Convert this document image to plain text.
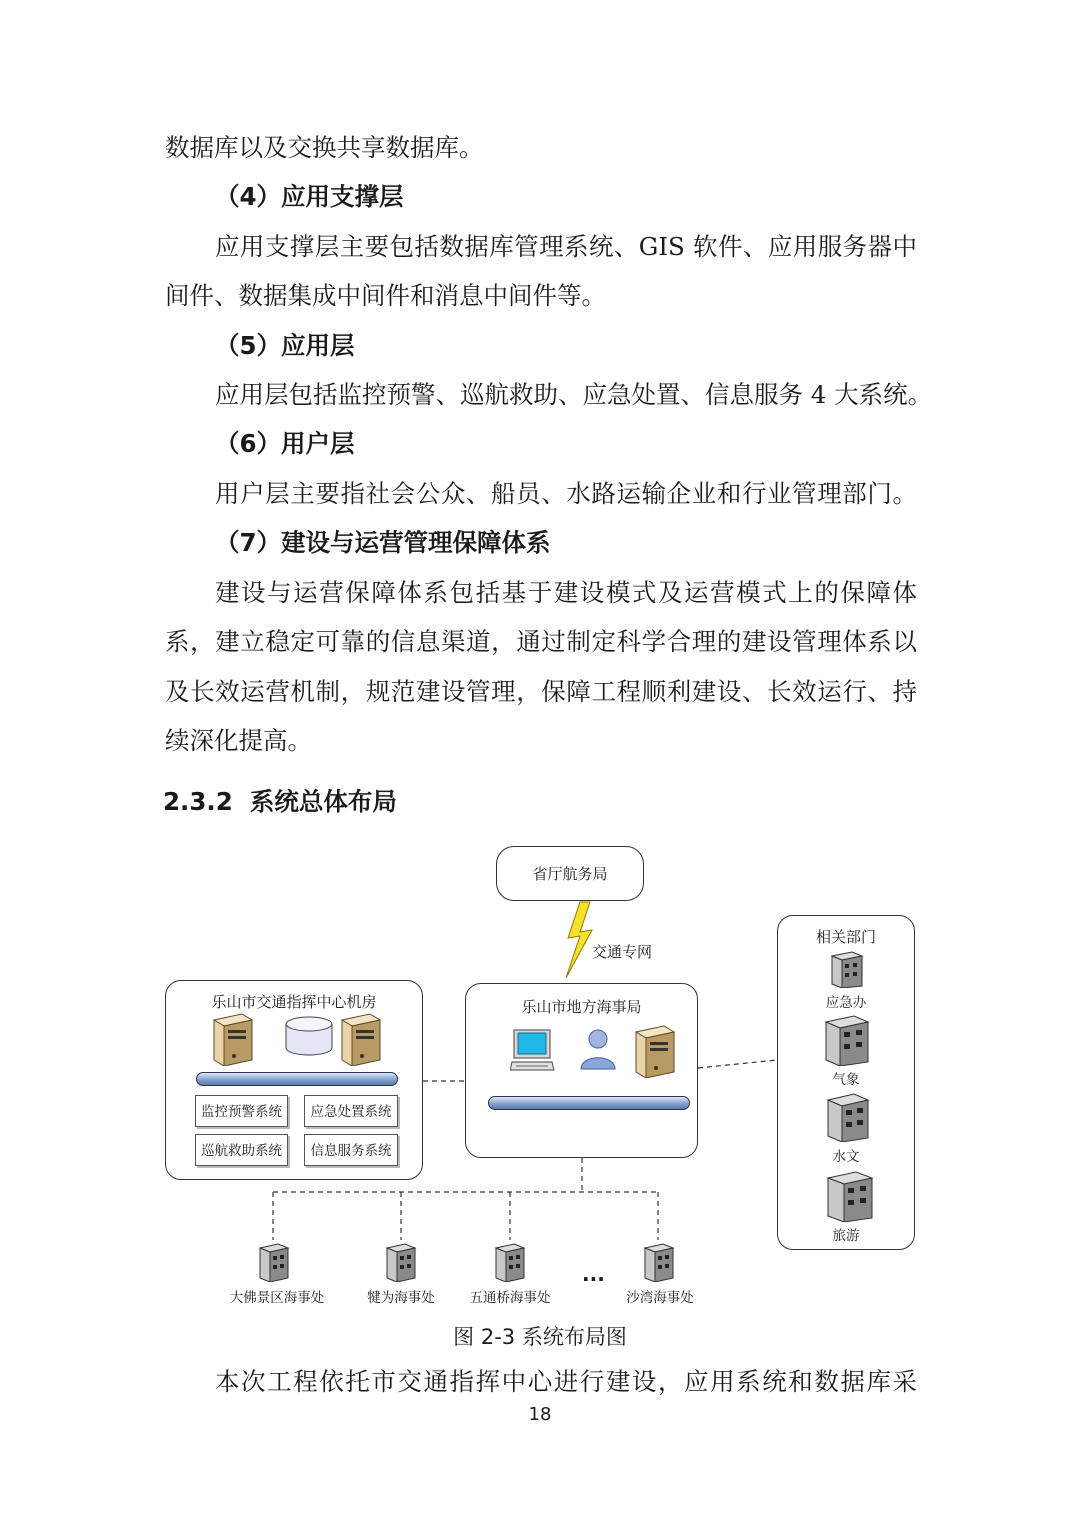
数据库以及交换共享数据库。
（4）应用支撑层
应用支撑层主要包括数据库管理系统、GIS 软件、应用服务器中
间件、数据集成中间件和消息中间件等。
（5）应用层
应用层包括监控预警、巡航救助、应急处置、信息服务 4 大系统。
（6）用户层
用户层主要指社会公众、船员、水路运输企业和行业管理部门。
（7）建设与运营管理保障体系
建设与运营保障体系包括基于建设模式及运营模式上的保障体
系，建立稳定可靠的信息渠道，通过制定科学合理的建设管理体系以
及长效运营机制，规范建设管理，保障工程顺利建设、长效运行、持
续深化提高。
2.3.2 系统总体布局
省厅航务局
交通专网
乐山市交通指挥中心机房
监控预警系统	应急处置系统
巡航救助系统	信息服务系统
乐山市地方海事局
相关部门
应急办
气象
水文
旅游
...
大佛景区海事处	犍为海事处	五通桥海事处	沙湾海事处
图 2-3 系统布局图
本次工程依托市交通指挥中心进行建设，应用系统和数据库采
18
